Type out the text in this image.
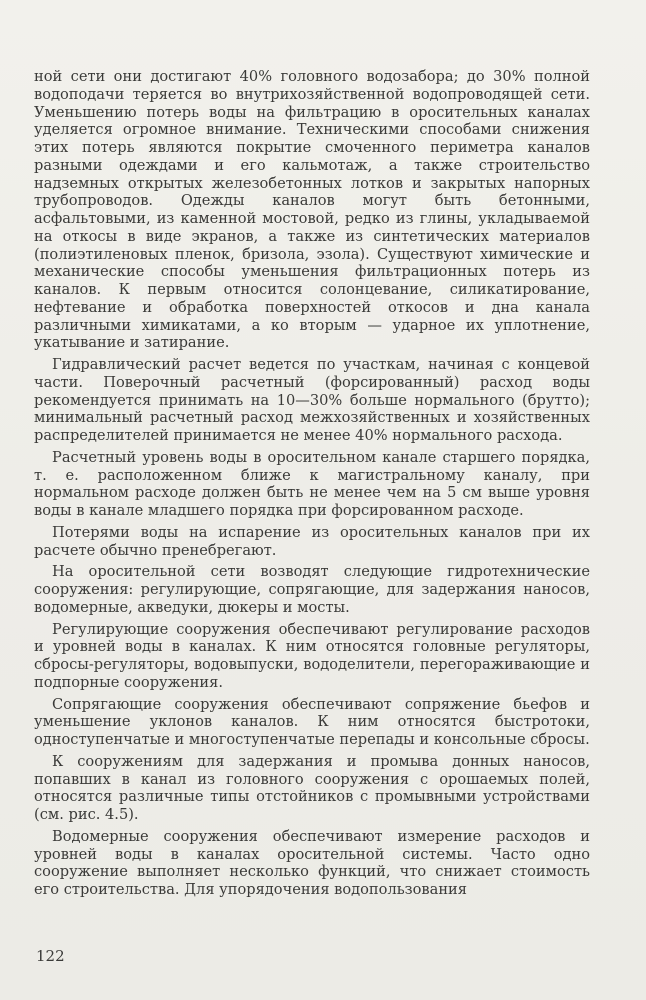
ной сети они достигают 40% головного водозабора; до 30% полной водоподачи теряется во внутрихозяйственной водопроводящей сети. Уменьшению потерь воды на фильтрацию в оросительных каналах уделяется огромное внимание. Техническими способами снижения этих потерь являются покрытие смоченного периметра каналов разными одеждами и его кальмотаж, а также строительство надземных открытых железобетонных лотков и закрытых напорных трубопроводов. Одежды каналов могут быть бетонными, асфальтовыми, из каменной мостовой, редко из глины, укладываемой на откосы в виде экранов, а также из синтетических материалов (полиэтиленовых пленок, бризола, эзола). Существуют химические и механические способы уменьшения фильтрационных потерь из каналов. К первым относится солонцевание, силикатирование, нефтевание и обработка поверхностей откосов и дна канала различными химикатами, а ко вторым — ударное их уплотнение, укатывание и затирание.

Гидравлический расчет ведется по участкам, начиная с концевой части. Поверочный расчетный (форсированный) расход воды рекомендуется принимать на 10—30% больше нормального (брутто); минимальный расчетный расход межхозяйственных и хозяйственных распределителей принимается не менее 40% нормального расхода.

Расчетный уровень воды в оросительном канале старшего порядка, т. е. расположенном ближе к магистральному каналу, при нормальном расходе должен быть не менее чем на 5 см выше уровня воды в канале младшего порядка при форсированном расходе.

Потерями воды на испарение из оросительных каналов при их расчете обычно пренебрегают.

На оросительной сети возводят следующие гидротехнические сооружения: регулирующие, сопрягающие, для задержания наносов, водомерные, акведуки, дюкеры и мосты.

Регулирующие сооружения обеспечивают регулирование расходов и уровней воды в каналах. К ним относятся головные регуляторы, сбросы-регуляторы, водовыпуски, вододелители, перегораживающие и подпорные сооружения.

Сопрягающие сооружения обеспечивают сопряжение бьефов и уменьшение уклонов каналов. К ним относятся быстротоки, одноступенчатые и многоступенчатые перепады и консольные сбросы.

К сооружениям для задержания и промыва донных наносов, попавших в канал из головного сооружения с орошаемых полей, относятся различные типы отстойников с промывными устройствами (см. рис. 4.5).

Водомерные сооружения обеспечивают измерение расходов и уровней воды в каналах оросительной системы. Часто одно сооружение выполняет несколько функций, что снижает стоимость его строительства. Для упорядочения водопользования

122
